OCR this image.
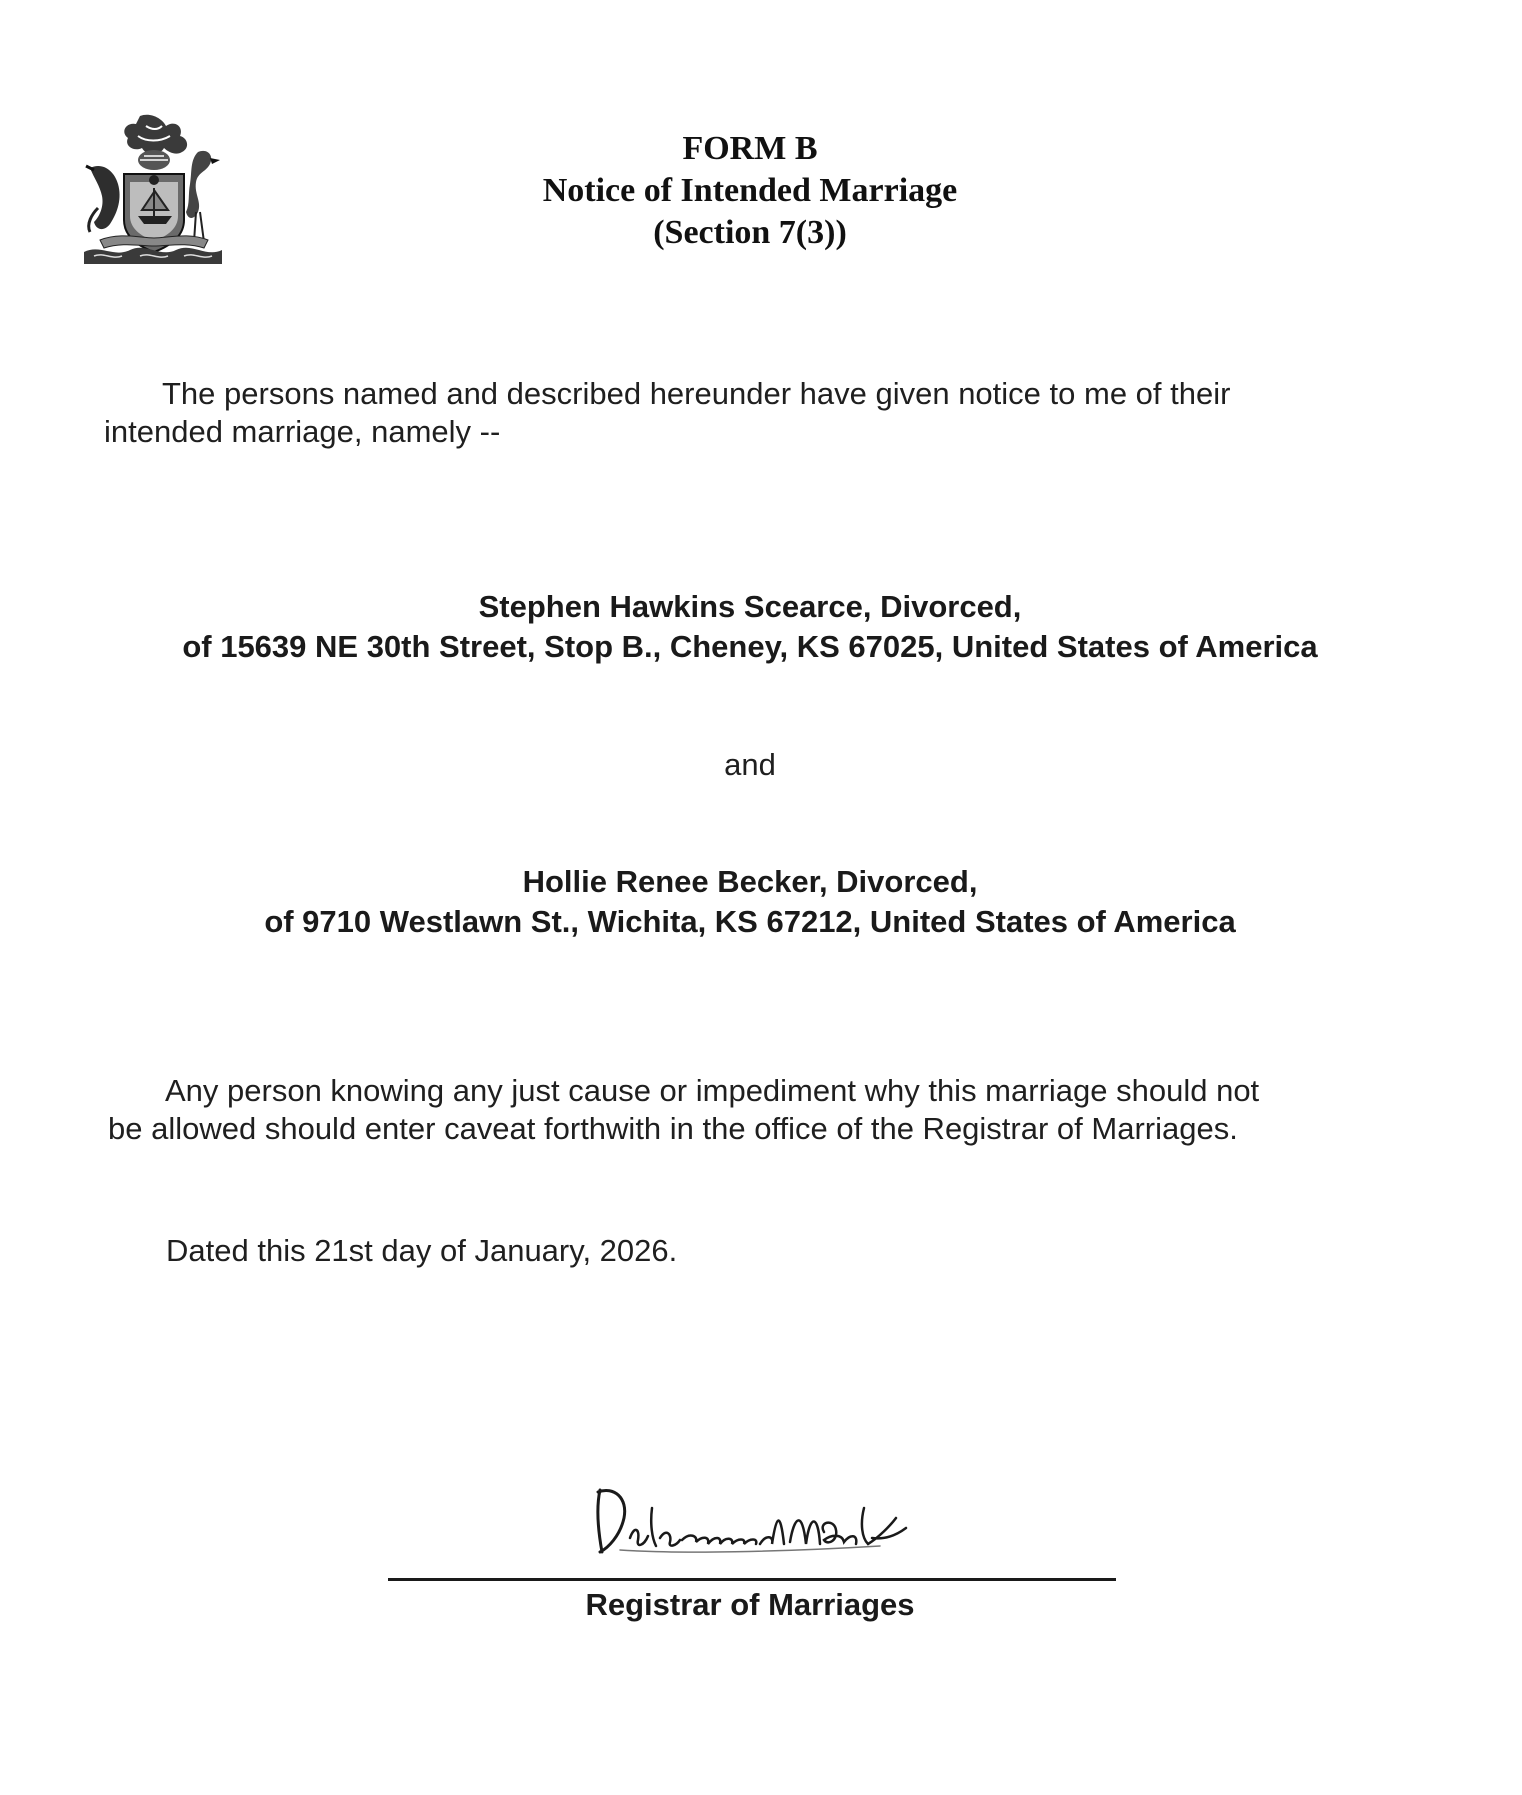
FORM B
Notice of Intended Marriage
(Section 7(3))
The persons named and described hereunder have given notice to me of their
intended marriage, namely --
Stephen Hawkins Scearce, Divorced,
of 15639 NE 30th Street, Stop B., Cheney, KS 67025, United States of America
and
Hollie Renee Becker, Divorced,
of 9710 Westlawn St., Wichita, KS 67212, United States of America
Any person knowing any just cause or impediment why this marriage should not
be allowed should enter caveat forthwith in the office of the Registrar of Marriages.
Dated this 21st day of January, 2026.
Registrar of Marriages
